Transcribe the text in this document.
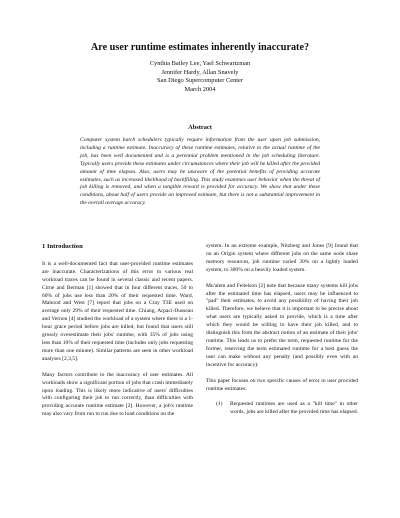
Are user runtime estimates inherently inaccurate?
Cynthia Bailey Lee, Yael Schwartzman
Jennifer Hardy, Allan Snavely
San Diego Supercomputer Center
March 2004
Abstract
Computer system batch schedulers typically require information from the user upon job submission, including a runtime estimate. Inaccuracy of these runtime estimates, relative to the actual runtime of the job, has been well documented and is a perennial problem mentioned in the job scheduling literature. Typically users provide these estimates under circumstances where their job will be killed after the provided amount of time elapses. Also, users may be unaware of the potential benefits of providing accurate estimates, such as increased likelihood of backfilling. This study examines user behavior when the threat of job killing is removed, and when a tangible reward is provided for accuracy. We show that under these conditions, about half of users provide an improved estimate, but there is not a substantial improvement in the overall average accuracy.
1 Introduction

It is a well-documented fact that user-provided runtime estimates are inaccurate. Characterizations of this error in various real workload traces can be found in several classic and recent papers. Cirne and Berman [1] showed that in four different traces, 50 to 60% of jobs use less than 20% of their requested time. Ward, Mahood and West [7] report that jobs on a Cray T3E used on average only 29% of their requested time. Chiang, Arpaci-Dusseau and Vernon [4] studied the workload of a system where there is a 1-hour grace period before jobs are killed, but found that users still grossly overestimate their jobs' runtime, with 35% of jobs using less than 10% of their requested time (includes only jobs requesting more than one minute). Similar patterns are seen in other workload analyses [2,3,5].

Many factors contribute to the inaccuracy of user estimates. All workloads show a significant portion of jobs that crash immediately upon loading. This is likely more indicative of users' difficulties with configuring their job to run correctly, than difficulties with providing accurate runtime estimate [2]. However, a job's runtime may also vary from run to run due to load conditions on the

system. In an extreme example, Nitzberg and Jones [9] found that on an Origin system where different jobs on the same node share memory resources, job runtime varied 30% on a lightly loaded system, to 300% on a heavily loaded system.

Mu'alem and Feitelson [2] note that because many systems kill jobs after the estimated time has elapsed, users may be influenced to "pad" their estimates, to avoid any possibility of having their job killed. Therefore, we believe that it is important to be precise about what users are typically asked to provide, which is a time after which they would be willing to have their job killed, and to distinguish this from the abstract notion of an estimate of their jobs' runtime. This leads us to prefer the term, requested runtime for the former, reserving the term estimated runtime for a best guess the user can make without any penalty (and possibly even with an incentive for accuracy):

This paper focuses on two specific causes of error in user provided runtime estimates:

(1)	Requested runtimes are used as a "kill time" in other words, jobs are killed after the provided time has elapsed.
